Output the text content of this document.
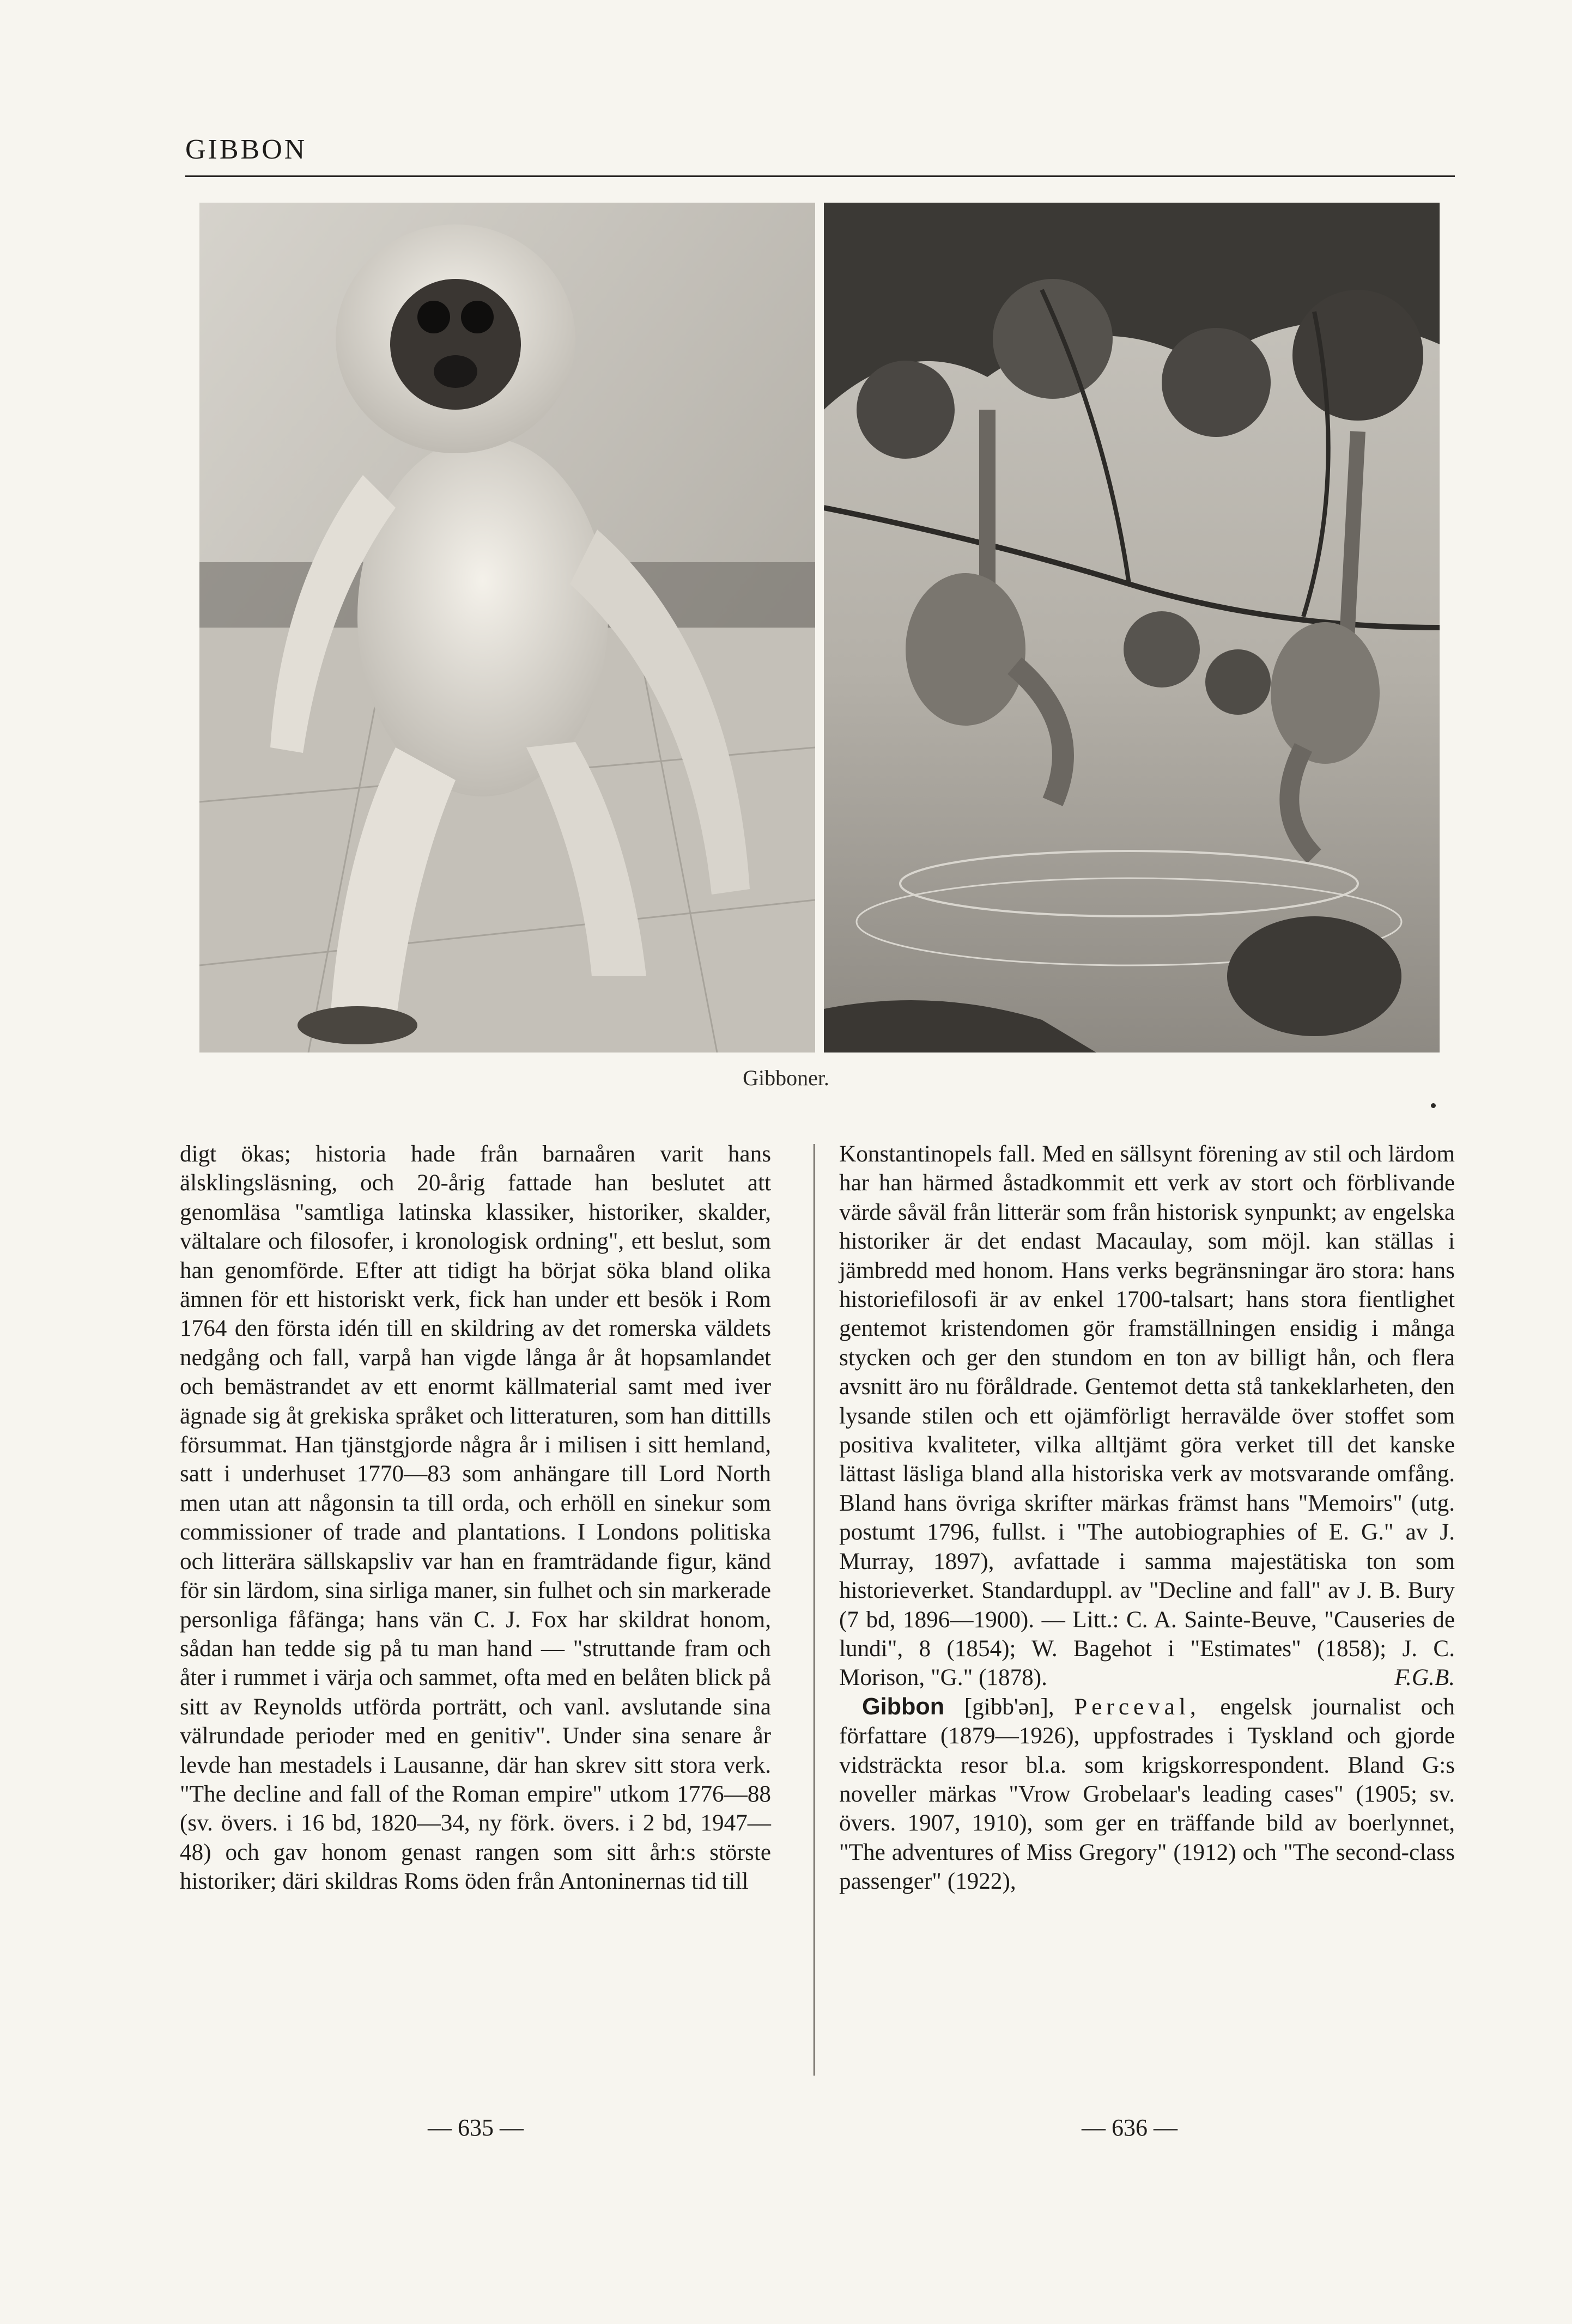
GIBBON
Gibboner.

digt ökas; historia hade från barnaåren varit hans älsklingsläsning, och 20-årig fattade han beslutet att genomläsa "samtliga latinska klassiker, historiker, skalder, vältalare och filosofer, i kronologisk ordning", ett beslut, som han genomförde. Efter att tidigt ha börjat söka bland olika ämnen för ett historiskt verk, fick han under ett besök i Rom 1764 den första idén till en skildring av det romerska väldets nedgång och fall, varpå han vigde långa år åt hopsamlandet och bemästrandet av ett enormt källmaterial samt med iver ägnade sig åt grekiska språket och litteraturen, som han dittills försummat. Han tjänstgjorde några år i milisen i sitt hemland, satt i underhuset 1770—83 som anhängare till Lord North men utan att någonsin ta till orda, och erhöll en sinekur som commissioner of trade and plantations. I Londons politiska och litterära sällskapsliv var han en framträdande figur, känd för sin lärdom, sina sirliga maner, sin fulhet och sin markerade personliga fåfänga; hans vän C. J. Fox har skildrat honom, sådan han tedde sig på tu man hand — "struttande fram och åter i rummet i värja och sammet, ofta med en belåten blick på sitt av Reynolds utförda porträtt, och vanl. avslutande sina välrundade perioder med en genitiv". Under sina senare år levde han mestadels i Lausanne, där han skrev sitt stora verk. "The decline and fall of the Roman empire" utkom 1776—88 (sv. övers. i 16 bd, 1820—34, ny förk. övers. i 2 bd, 1947—48) och gav honom genast rangen som sitt årh:s störste historiker; däri skildras Roms öden från Antoninernas tid till

Konstantinopels fall. Med en sällsynt förening av stil och lärdom har han härmed åstadkommit ett verk av stort och förblivande värde såväl från litterär som från historisk synpunkt; av engelska historiker är det endast Macaulay, som möjl. kan ställas i jämbredd med honom. Hans verks begränsningar äro stora: hans historiefilosofi är av enkel 1700-talsart; hans stora fientlighet gentemot kristendomen gör framställningen ensidig i många stycken och ger den stundom en ton av billigt hån, och flera avsnitt äro nu föråldrade. Gentemot detta stå tankeklarheten, den lysande stilen och ett ojämförligt herravälde över stoffet som positiva kvaliteter, vilka alltjämt göra verket till det kanske lättast läsliga bland alla historiska verk av motsvarande omfång. Bland hans övriga skrifter märkas främst hans "Memoirs" (utg. postumt 1796, fullst. i "The autobiographies of E. G." av J. Murray, 1897), avfattade i samma majestätiska ton som historieverket. Standarduppl. av "Decline and fall" av J. B. Bury (7 bd, 1896—1900). — Litt.: C. A. Sainte-Beuve, "Causeries de lundi", 8 (1854); W. Bagehot i "Estimates" (1858); J. C. Morison, "G." (1878).	F.G.B.

Gibbon [gibb'ən], Perceval, engelsk journalist och författare (1879—1926), uppfostrades i Tyskland och gjorde vidsträckta resor bl.a. som krigskorrespondent. Bland G:s noveller märkas "Vrow Grobelaar's leading cases" (1905; sv. övers. 1907, 1910), som ger en träffande bild av boerlynnet, "The adventures of Miss Gregory" (1912) och "The second-class passenger" (1922),

— 635 —	— 636 —
